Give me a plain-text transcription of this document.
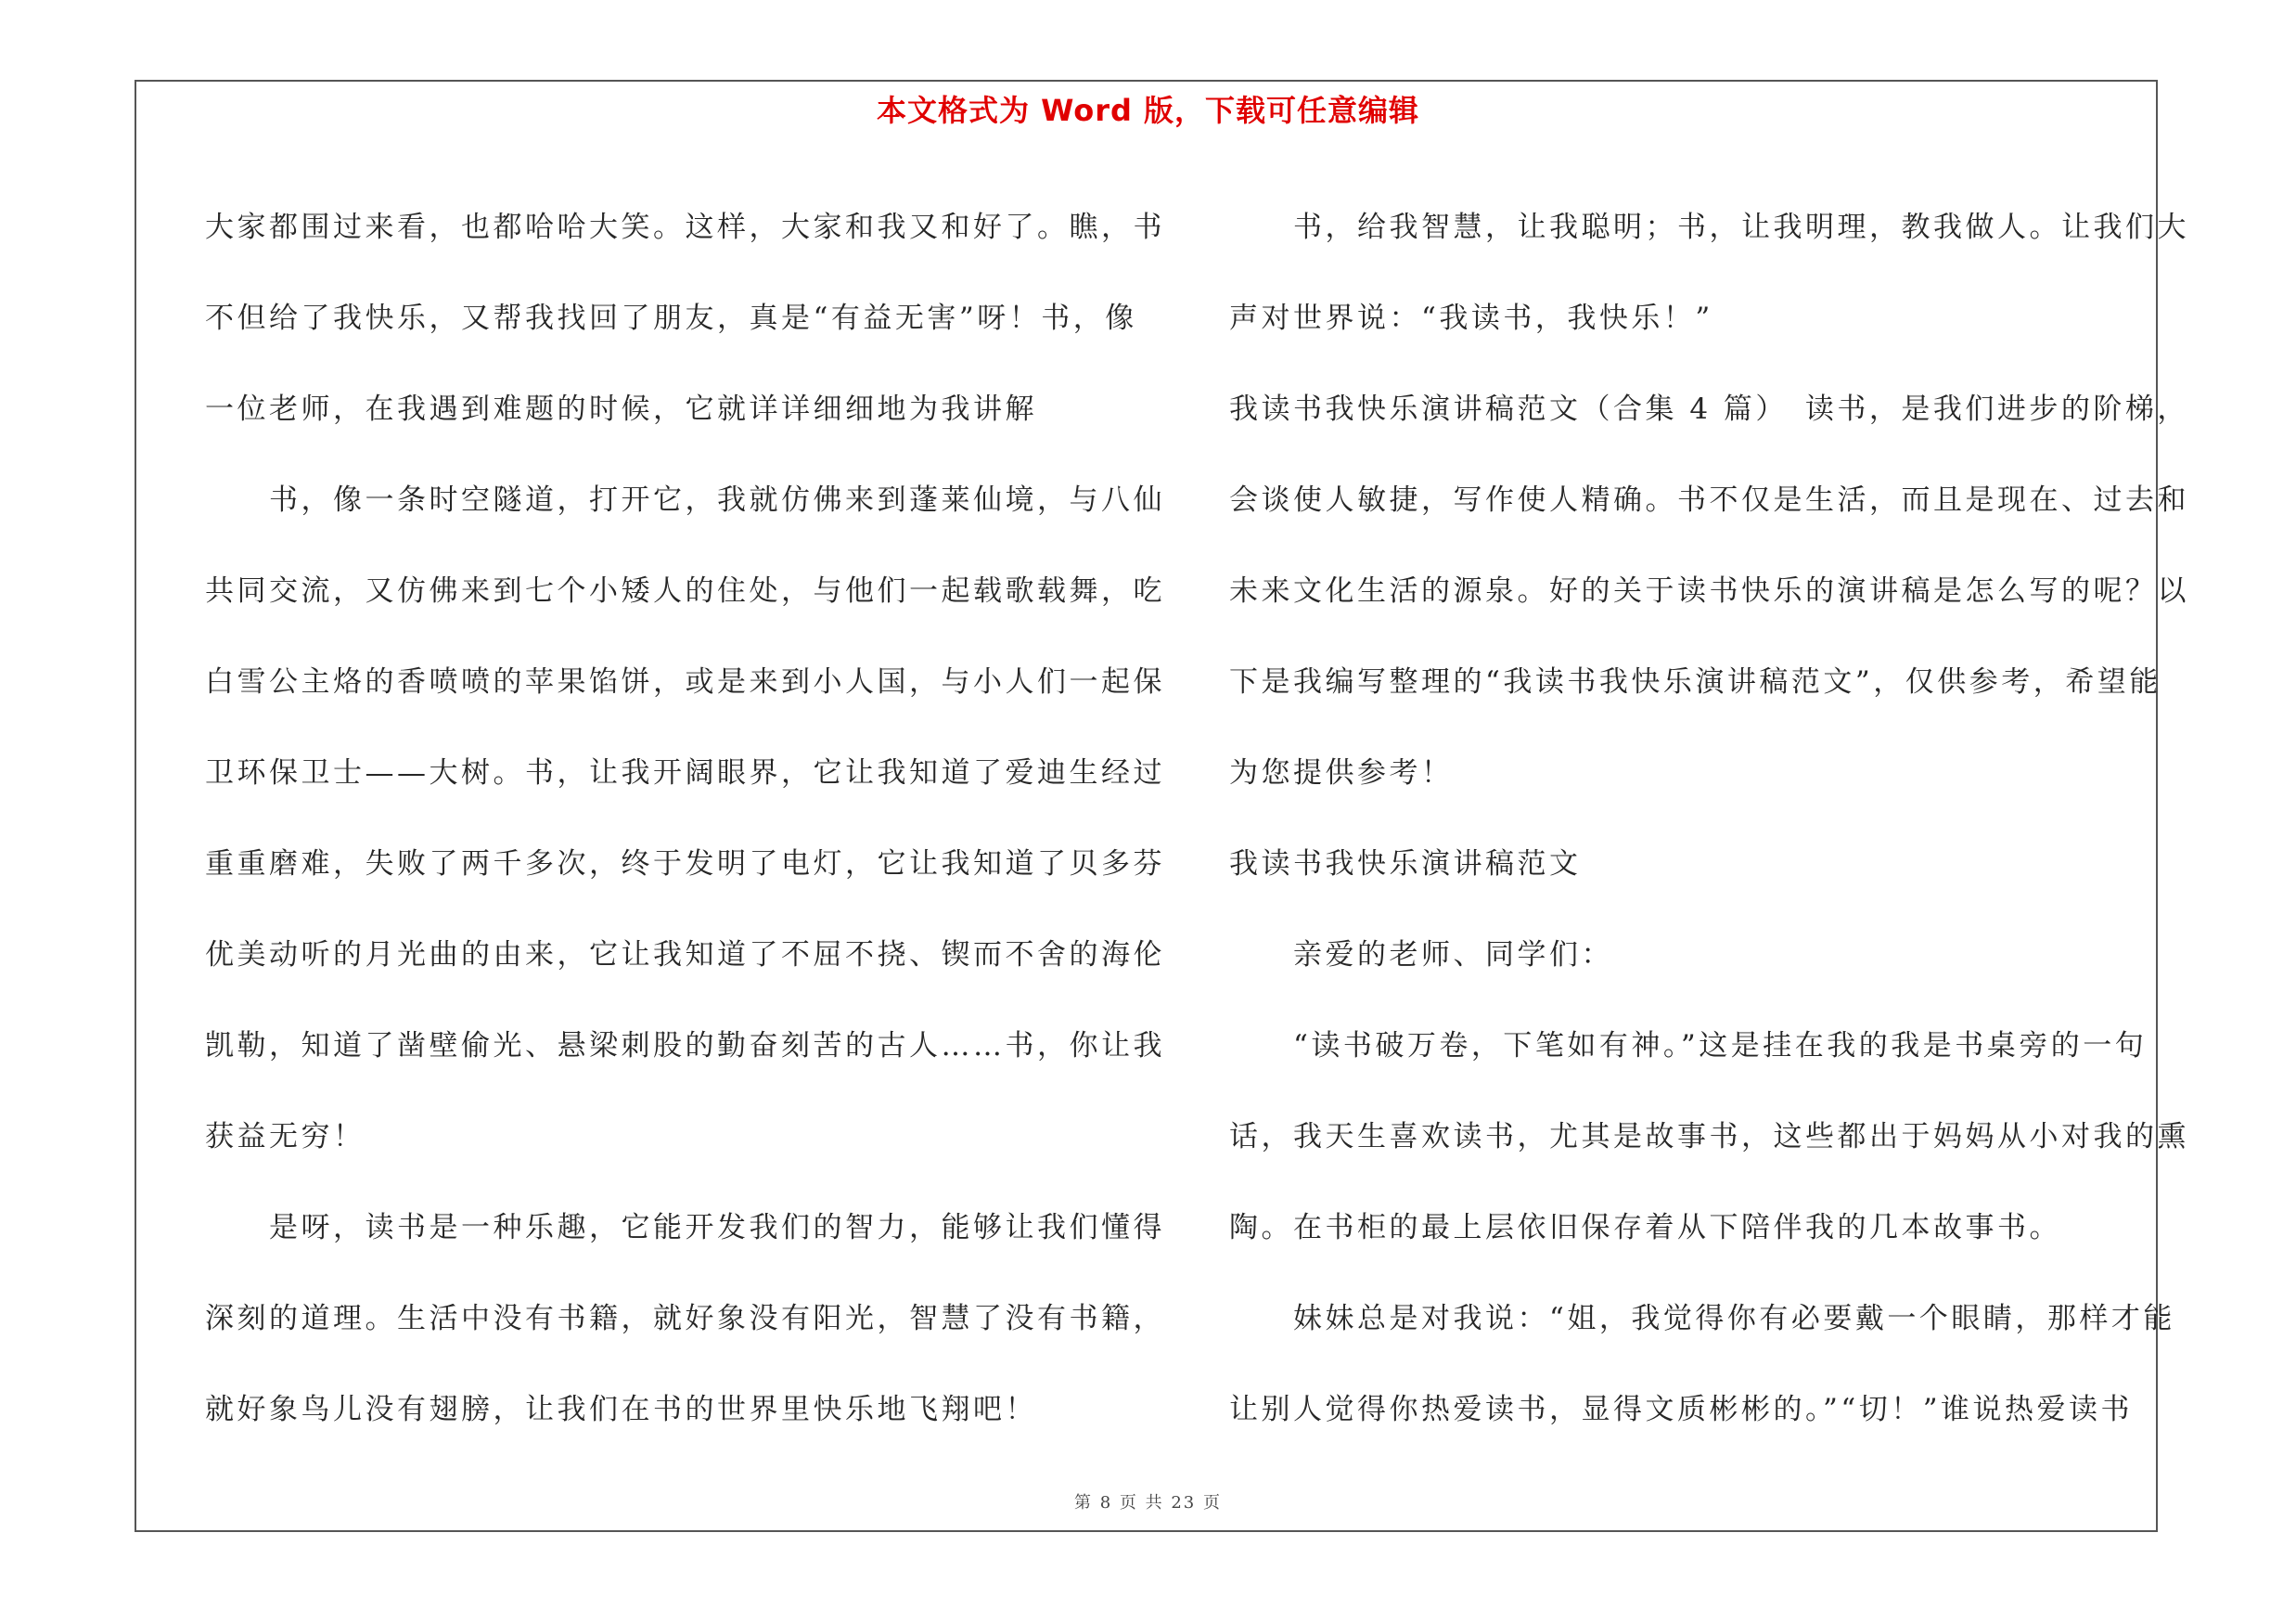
本文格式为 Word 版，下载可任意编辑
大家都围过来看，也都哈哈大笑。这样，大家和我又和好了。瞧，书
不但给了我快乐，又帮我找回了朋友，真是“有益无害”呀！书，像
一位老师，在我遇到难题的时候，它就详详细细地为我讲解
　　书，像一条时空隧道，打开它，我就仿佛来到蓬莱仙境，与八仙
共同交流，又仿佛来到七个小矮人的住处，与他们一起载歌载舞，吃
白雪公主烙的香喷喷的苹果馅饼，或是来到小人国，与小人们一起保
卫环保卫士——大树。书，让我开阔眼界，它让我知道了爱迪生经过
重重磨难，失败了两千多次，终于发明了电灯，它让我知道了贝多芬
优美动听的月光曲的由来，它让我知道了不屈不挠、锲而不舍的海伦
凯勒，知道了凿壁偷光、悬梁刺股的勤奋刻苦的古人……书，你让我
获益无穷！
　　是呀，读书是一种乐趣，它能开发我们的智力，能够让我们懂得
深刻的道理。生活中没有书籍，就好象没有阳光，智慧了没有书籍，
就好象鸟儿没有翅膀，让我们在书的世界里快乐地飞翔吧！
　　书，给我智慧，让我聪明；书，让我明理，教我做人。让我们大
声对世界说：“我读书，我快乐！”
我读书我快乐演讲稿范文（合集 4 篇）　读书，是我们进步的阶梯，
会谈使人敏捷，写作使人精确。书不仅是生活，而且是现在、过去和
未来文化生活的源泉。好的关于读书快乐的演讲稿是怎么写的呢？以
下是我编写整理的“我读书我快乐演讲稿范文”，仅供参考，希望能
为您提供参考！
我读书我快乐演讲稿范文
　　亲爱的老师、同学们：
　　“读书破万卷，下笔如有神。”这是挂在我的我是书桌旁的一句
话，我天生喜欢读书，尤其是故事书，这些都出于妈妈从小对我的熏
陶。在书柜的最上层依旧保存着从下陪伴我的几本故事书。
　　妹妹总是对我说：“姐，我觉得你有必要戴一个眼睛，那样才能
让别人觉得你热爱读书，显得文质彬彬的。”“切！”谁说热爱读书
第 8 页 共 23 页
